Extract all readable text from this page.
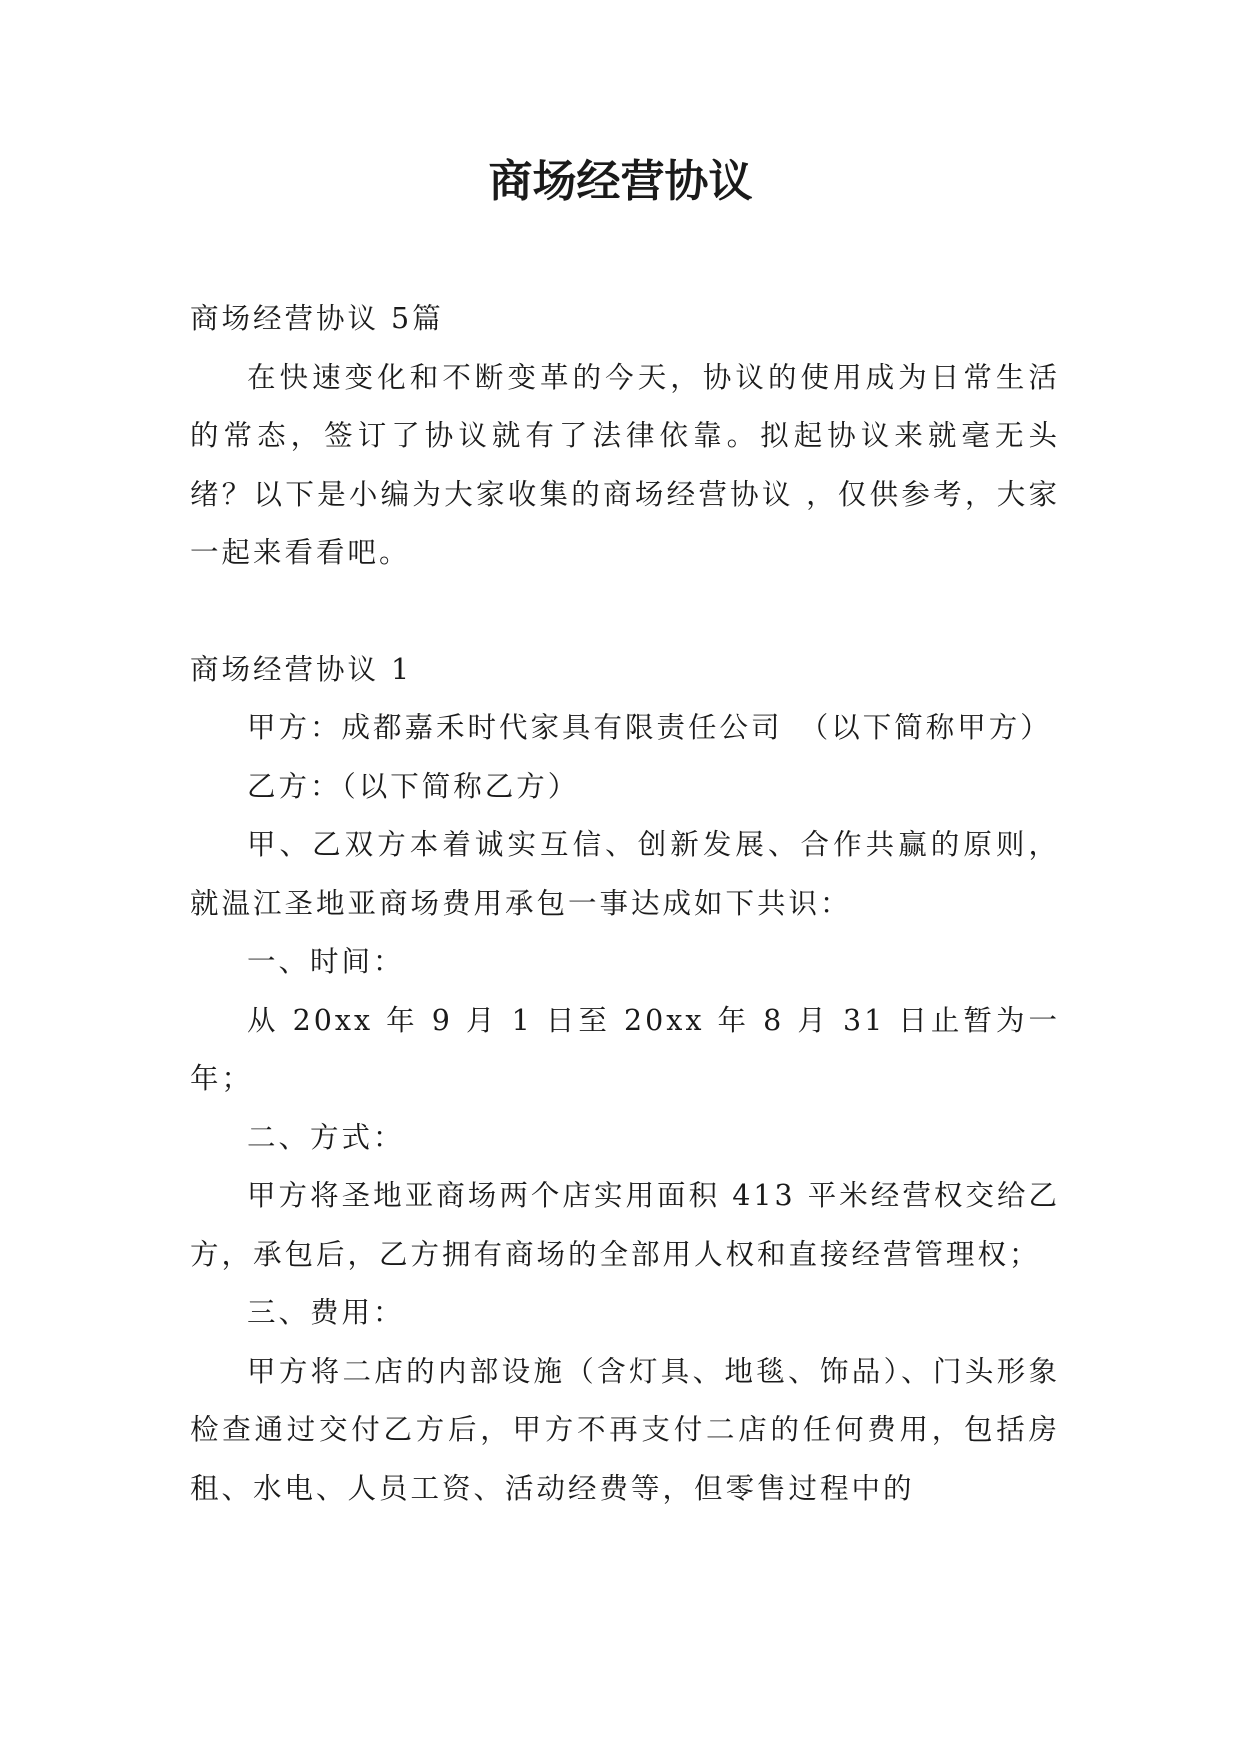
商场经营协议

商场经营协议 5篇

在快速变化和不断变革的今天，协议的使用成为日常生活的常态，签订了协议就有了法律依靠。拟起协议来就毫无头绪？以下是小编为大家收集的商场经营协议 ，仅供参考，大家一起来看看吧。

商场经营协议 1

甲方：成都嘉禾时代家具有限责任公司　（以下简称甲方）

乙方：（以下简称乙方）

甲、乙双方本着诚实互信、创新发展、合作共赢的原则，就温江圣地亚商场费用承包一事达成如下共识：

一、时间：

从 20xx 年 9 月 1 日至 20xx 年 8 月 31 日止暂为一年；

二、方式：

甲方将圣地亚商场两个店实用面积 413 平米经营权交给乙方，承包后，乙方拥有商场的全部用人权和直接经营管理权；

三、费用：

甲方将二店的内部设施（含灯具、地毯、饰品）、门头形象检查通过交付乙方后，甲方不再支付二店的任何费用，包括房租、水电、人员工资、活动经费等，但零售过程中的
